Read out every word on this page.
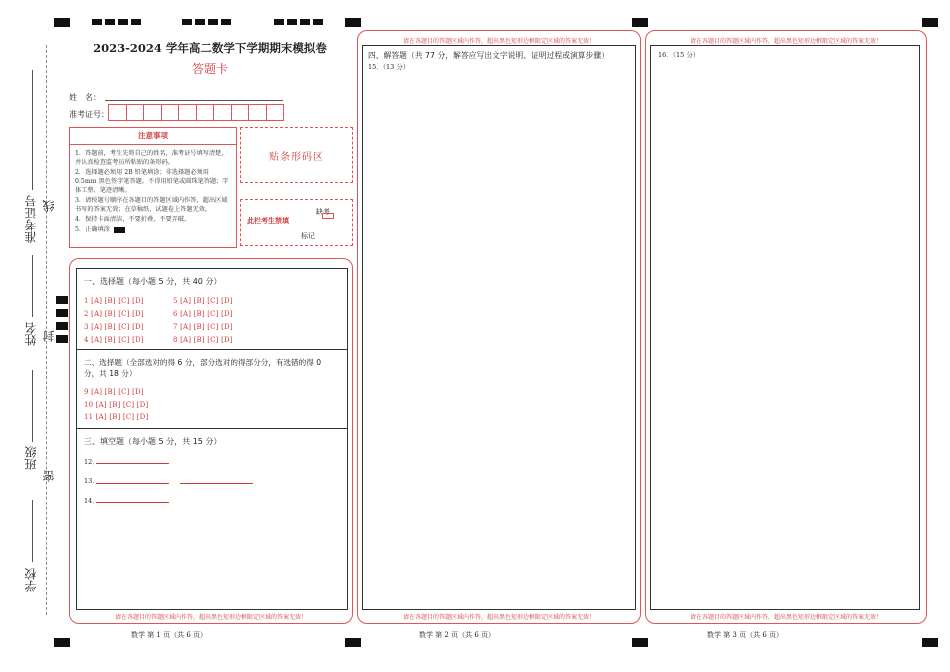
准考证号 线
姓名 封
班级
密
学校
2023-2024 学年高二数学下学期期末模拟卷
答题卡
姓　名：
准考证号：
注意事项
1．答题前，考生先将自己的姓名，准考证号填写清楚，并认真检查监考员所粘贴的条形码。
2．选择题必须用 2B 铅笔填涂；非选择题必须用 0.5mm 黑色签字笔答题，不得用铅笔或圆珠笔答题；字体工整、笔迹清晰。
3．请按题号顺序在各题目的答题区域内作答，超出区域书写的答案无效；在草稿纸、试题卷上答题无效。
4．保持卡面清洁，不要折叠、不要弄破。
5．正确填涂
贴条形码区
此栏考生禁填
缺考
标记
一、选择题（每小题 5 分，共 40 分）
1 [A] [B] [C] [D]
2 [A] [B] [C] [D]
3 [A] [B] [C] [D]
4 [A] [B] [C] [D]
5 [A] [B] [C] [D]
6 [A] [B] [C] [D]
7 [A] [B] [C] [D]
8 [A] [B] [C] [D]
二、选择题（全部选对的得 6 分，部分选对的得部分分，有选错的得 0
分，共 18 分）
9 [A] [B] [C] [D]
10 [A] [B] [C] [D]
11 [A] [B] [C] [D]
三、填空题（每小题 5 分，共 15 分）
12．
13．
14．
请在各题目的答题区域内作答，超出黑色矩形边框限定区域的答案无效！
数学 第 1 页（共 6 页）
请在各题目的答题区域内作答，超出黑色矩形边框限定区域的答案无效！
四、解答题（共 77 分，解答应写出文字说明、证明过程或演算步骤）
15．（13 分）
请在各题目的答题区域内作答，超出黑色矩形边框限定区域的答案无效！
数学 第 2 页（共 6 页）
请在各题目的答题区域内作答，超出黑色矩形边框限定区域的答案无效！
16．（15 分）
请在各题目的答题区域内作答，超出黑色矩形边框限定区域的答案无效！
数学 第 3 页（共 6 页）
